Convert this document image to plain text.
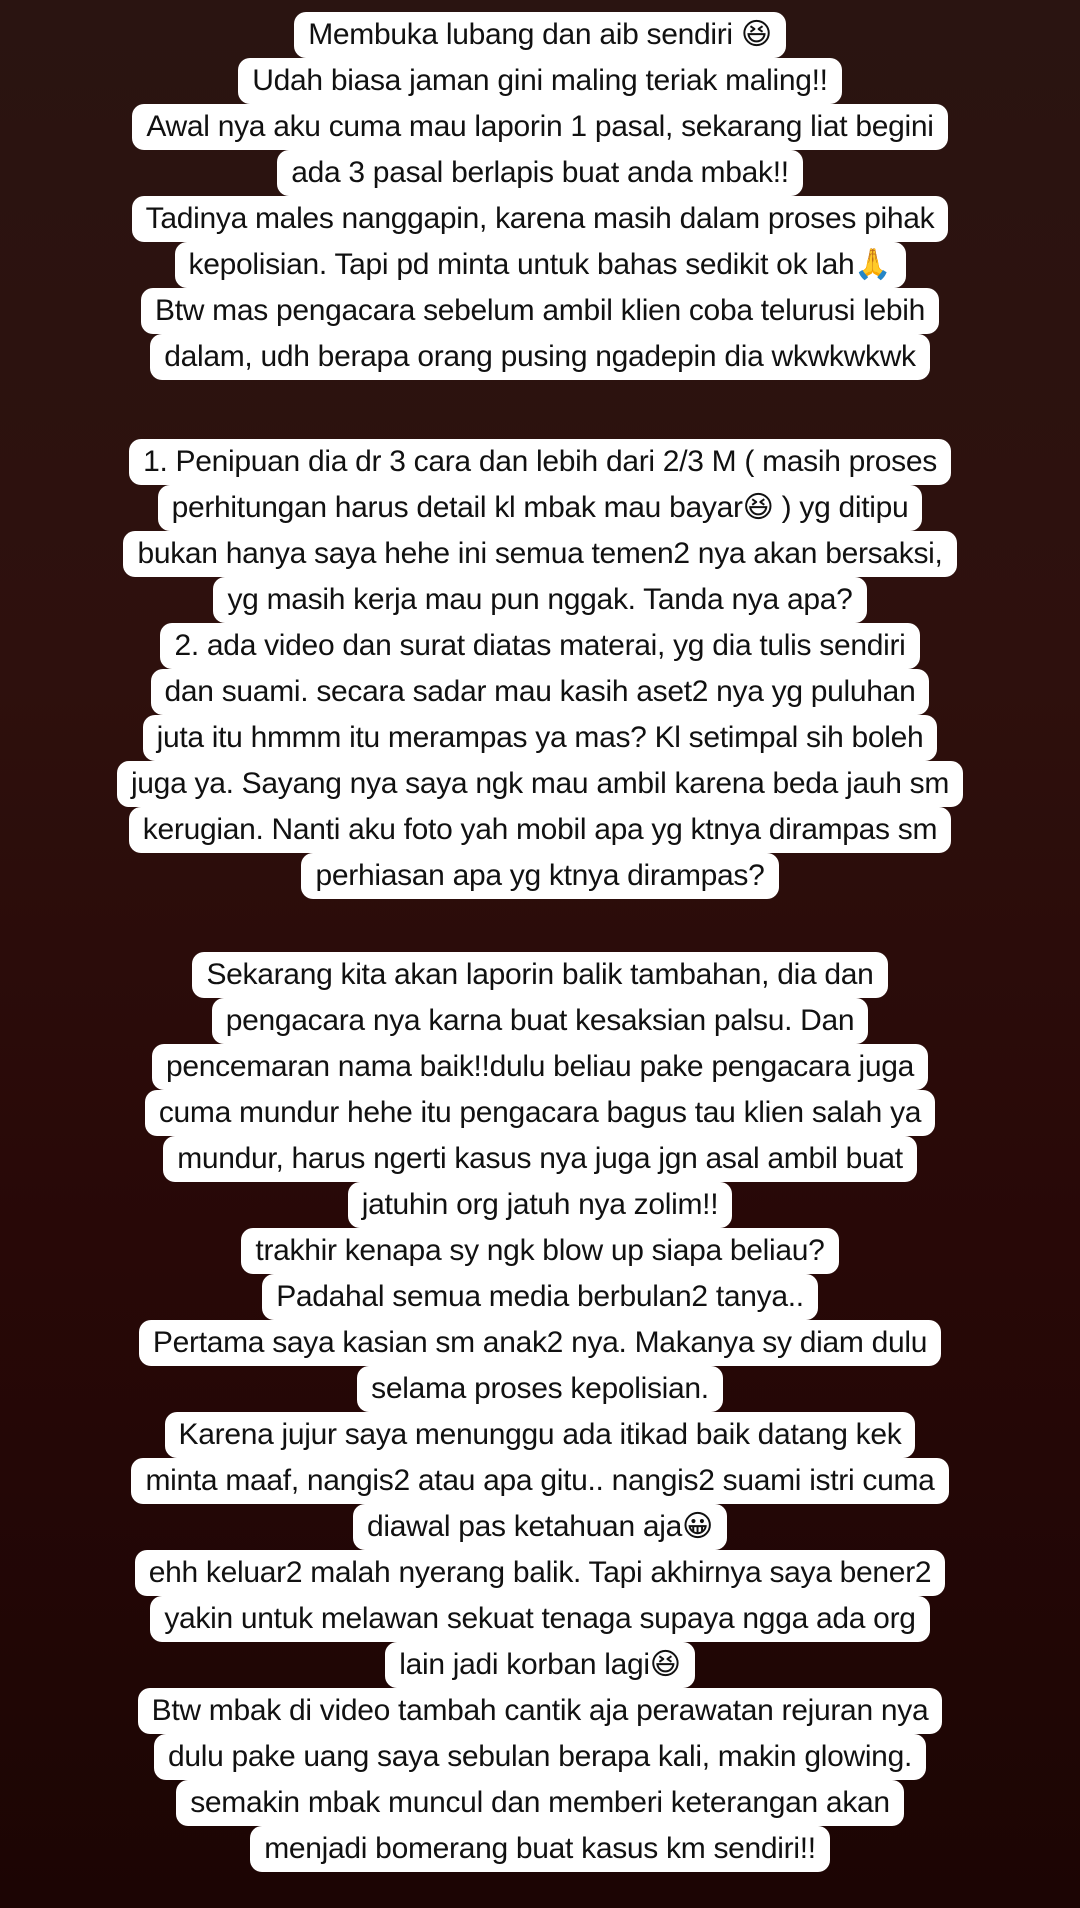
Membuka lubang dan aib sendiri 😆
Udah biasa jaman gini maling teriak maling!!
Awal nya aku cuma mau laporin 1 pasal, sekarang liat begini
ada 3 pasal berlapis buat anda mbak!!
Tadinya males nanggapin, karena masih dalam proses pihak
kepolisian. Tapi pd minta untuk bahas sedikit ok lah🙏
Btw mas pengacara sebelum ambil klien coba telurusi lebih
dalam, udh berapa orang pusing ngadepin dia wkwkwkwk
1. Penipuan dia dr 3 cara dan lebih dari 2/3 M ( masih proses
perhitungan harus detail kl mbak mau bayar😆 ) yg ditipu
bukan hanya saya hehe ini semua temen2 nya akan bersaksi,
yg masih kerja mau pun nggak. Tanda nya apa?
2. ada video dan surat diatas materai, yg dia tulis sendiri
dan suami. secara sadar mau kasih aset2 nya yg puluhan
juta itu hmmm itu merampas ya mas? Kl setimpal sih boleh
juga ya. Sayang nya saya ngk mau ambil karena beda jauh sm
kerugian. Nanti aku foto yah mobil apa yg ktnya dirampas sm
perhiasan apa yg ktnya dirampas?
Sekarang kita akan laporin balik tambahan, dia dan
pengacara nya karna buat kesaksian palsu. Dan
pencemaran nama baik!!dulu beliau pake pengacara juga
cuma mundur hehe itu pengacara bagus tau klien salah ya
mundur, harus ngerti kasus nya juga jgn asal ambil buat
jatuhin org jatuh nya zolim!!
trakhir kenapa sy ngk blow up siapa beliau?
Padahal semua media berbulan2 tanya..
Pertama saya kasian sm anak2 nya. Makanya sy diam dulu
selama proses kepolisian.
Karena jujur saya menunggu ada itikad baik datang kek
minta maaf, nangis2 atau apa gitu.. nangis2 suami istri cuma
diawal pas ketahuan aja😀
ehh keluar2 malah nyerang balik. Tapi akhirnya saya bener2
yakin untuk melawan sekuat tenaga supaya ngga ada org
lain jadi korban lagi😆
Btw mbak di video tambah cantik aja perawatan rejuran nya
dulu pake uang saya sebulan berapa kali, makin glowing.
semakin mbak muncul dan memberi keterangan akan
menjadi bomerang buat kasus km sendiri!!
